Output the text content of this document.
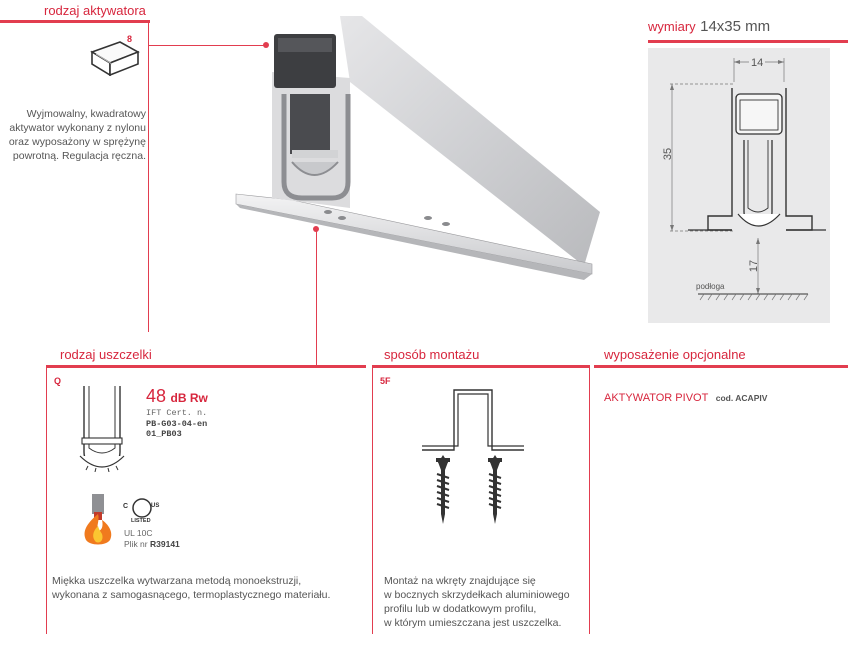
rodzaj aktywatora
8
Wyjmowalny, kwadratowy
aktywator wykonany z nylonu
oraz wyposażony w sprężynę
powrotną. Regulacja ręczna.
wymiary 14x35 mm
14
35
17
podłoga
rodzaj uszczelki
Q
48 dB Rw
IFT Cert. n.
PB-G03-04-en
01_PB03
C	US
LISTED
UL 10C
Plik nr R39141
Miękka uszczelka wytwarzana metodą monoekstruzji,
wykonana z samogasnącego, termoplastycznego materiału.
sposób montażu
5F
Montaż na wkręty znajdujące się
w bocznych skrzydełkach aluminiowego
profilu lub w dodatkowym profilu,
w którym umieszczana jest uszczelka.
wyposażenie opcjonalne
AKTYWATOR PIVOT cod. ACAPIV
